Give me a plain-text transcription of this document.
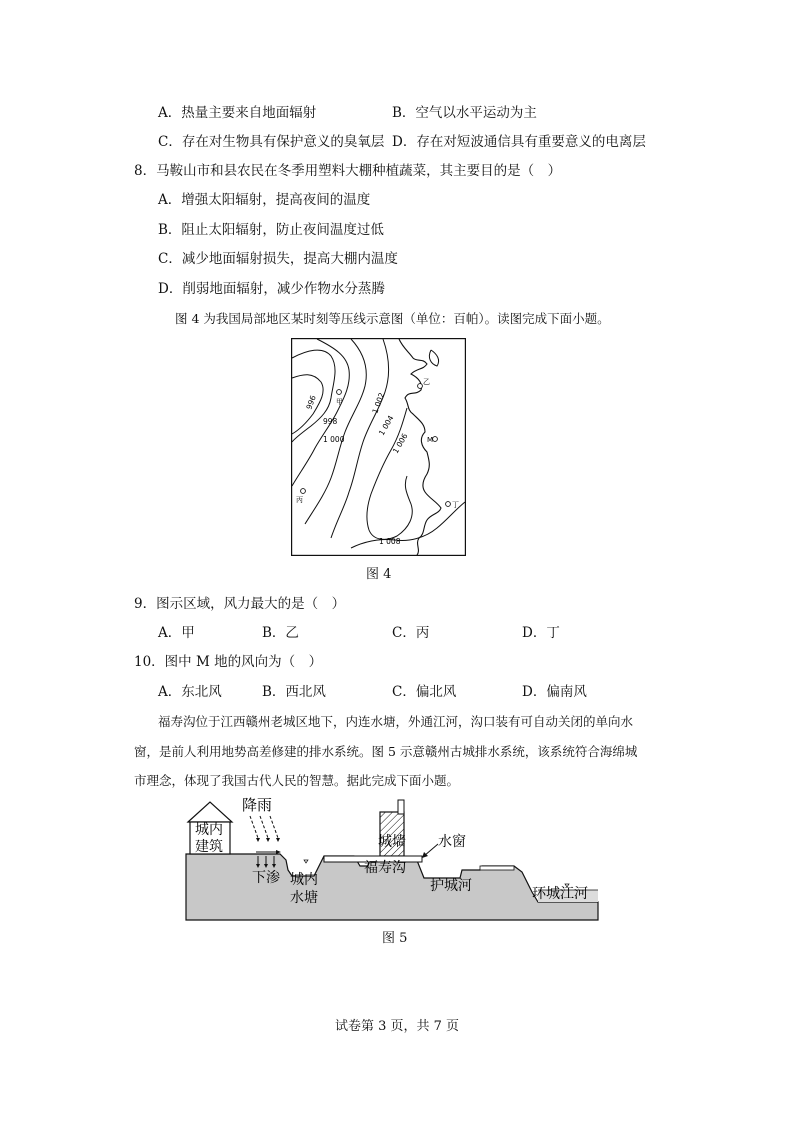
A．热量主要来自地面辐射	B．空气以水平运动为主
C．存在对生物具有保护意义的臭氧层 D．存在对短波通信具有重要意义的电离层
8．马鞍山市和县农民在冬季用塑料大棚种植蔬菜，其主要目的是（　）
A．增强太阳辐射，提高夜间的温度
B．阻止太阳辐射，防止夜间温度过低
C．减少地面辐射损失，提高大棚内温度
D．削弱地面辐射，减少作物水分蒸腾
图 4 为我国局部地区某时刻等压线示意图（单位：百帕）。读图完成下面小题。
996
998
1 000
1 002
1 004
1 006
1 008
甲
乙
丙
丁
M
图 4
9．图示区域，风力最大的是（　）
A．甲	B．乙	C．丙	D．丁
10．图中 M 地的风向为（　）
A．东北风	B．西北风	C．偏北风	D．偏南风
福寿沟位于江西赣州老城区地下，内连水塘，外通江河，沟口装有可自动关闭的单向水
窗，是前人利用地势高差修建的排水系统。图 5 示意赣州古城排水系统，该系统符合海绵城
市理念，体现了我国古代人民的智慧。据此完成下面小题。
城内
建筑
降雨
下渗 城内
水塘
城墙
福寿沟
水窗
护城河	环城江河
图 5
试卷第 3 页，共 7 页
